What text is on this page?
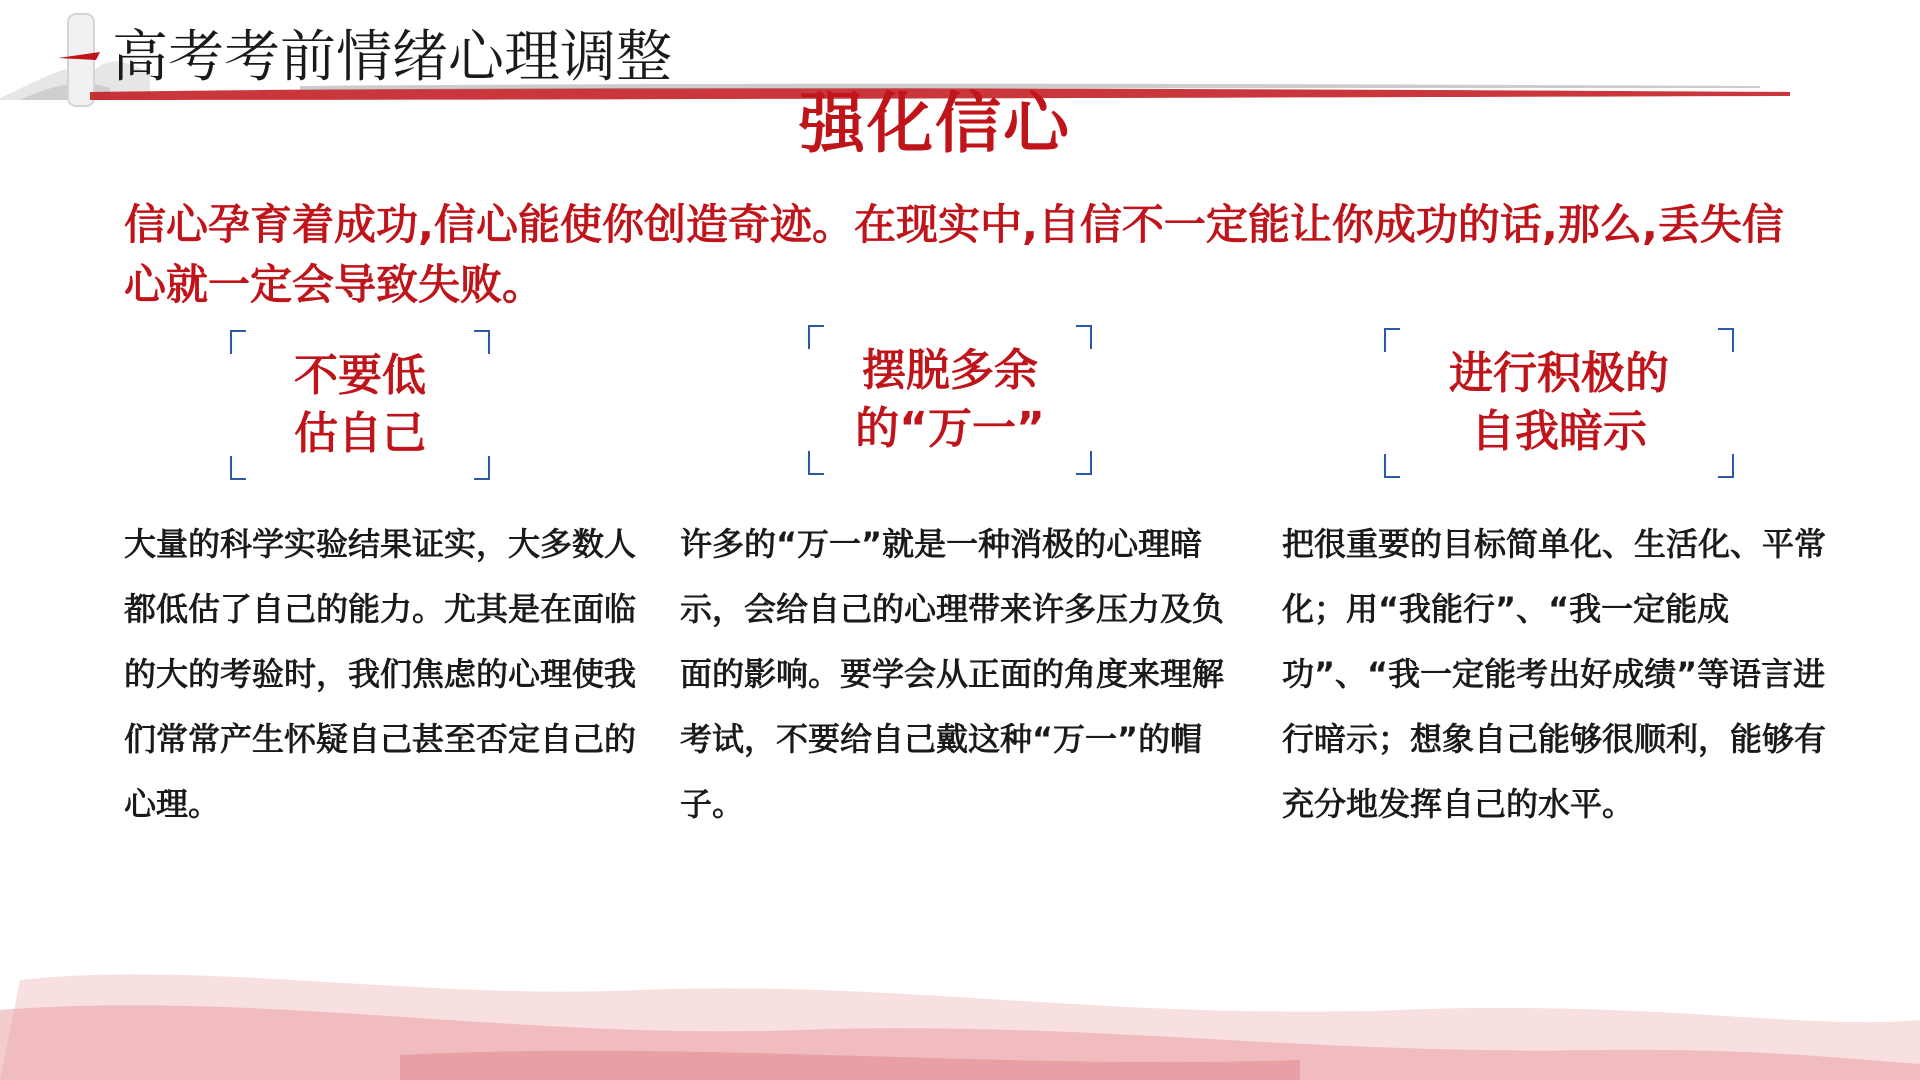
高考考前情绪心理调整
强化信心
信心孕育着成功,信心能使你创造奇迹。在现实中,自信不一定能让你成功的话,那么,丢失信心就一定会导致失败。
不要低估自己
摆脱多余的“万一”
进行积极的自我暗示
大量的科学实验结果证实，大多数人都低估了自己的能力。尤其是在面临的大的考验时，我们焦虑的心理使我们常常产生怀疑自己甚至否定自己的心理。
许多的“万一”就是一种消极的心理暗示，会给自己的心理带来许多压力及负面的影响。要学会从正面的角度来理解考试，不要给自己戴这种“万一”的帽子。
把很重要的目标简单化、生活化、平常化；用“我能行”、“我一定能成功”、“我一定能考出好成绩”等语言进行暗示；想象自己能够很顺利，能够有充分地发挥自己的水平。
